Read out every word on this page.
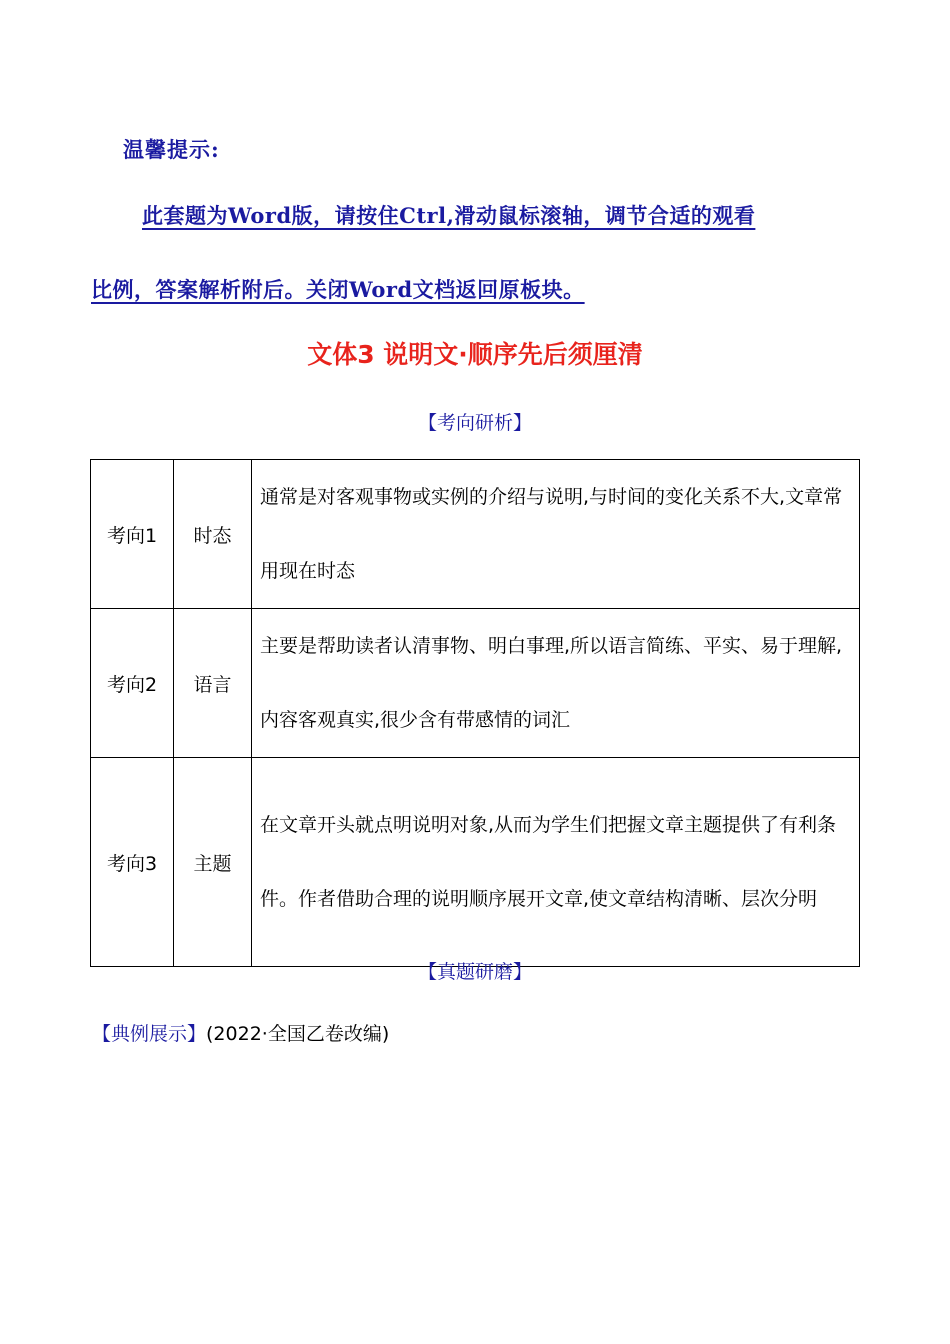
温馨提示:
此套题为Word版，请按住Ctrl,滑动鼠标滚轴，调节合适的观看
比例，答案解析附后。关闭Word文档返回原板块。
文体3 说明文·顺序先后须厘清
【考向研析】
考向1	时态	通常是对客观事物或实例的介绍与说明,与时间的变化关系不大,文章常用现在时态
考向2	语言	主要是帮助读者认清事物、明白事理,所以语言简练、平实、易于理解,内容客观真实,很少含有带感情的词汇
考向3	主题	在文章开头就点明说明对象,从而为学生们把握文章主题提供了有利条件。作者借助合理的说明顺序展开文章,使文章结构清晰、层次分明
【真题研磨】
【典例展示】(2022·全国乙卷改编)
